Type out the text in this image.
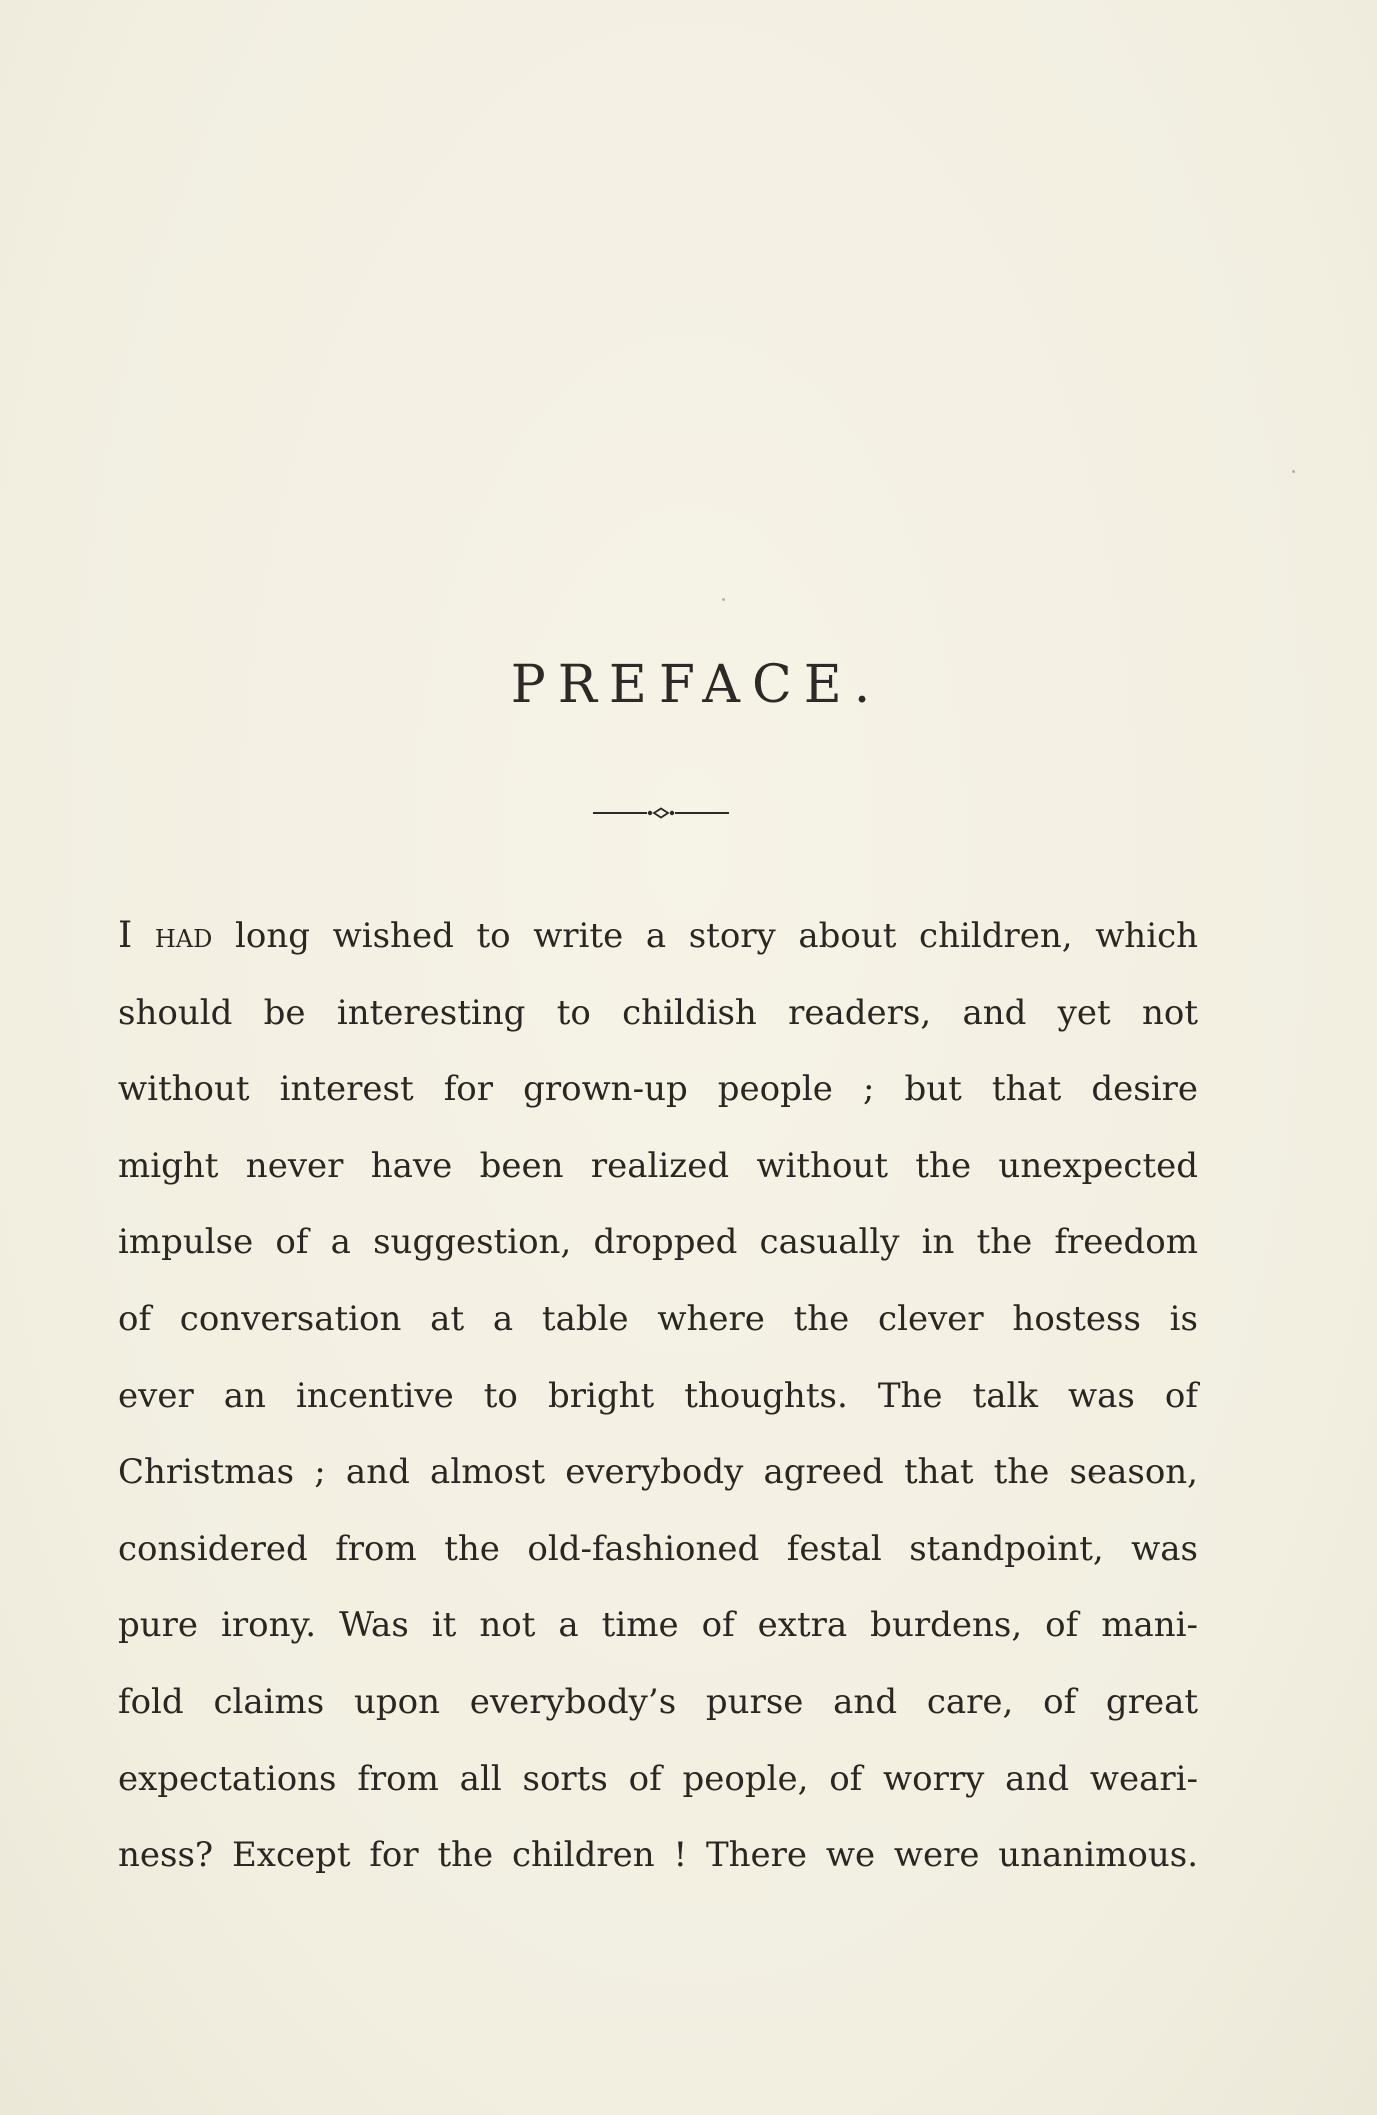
PREFACE.
I had long wished to write a story about children, which
should be interesting to childish readers, and yet not
without interest for grown-up people ; but that desire
might never have been realized without the unexpected
impulse of a suggestion, dropped casually in the freedom
of conversation at a table where the clever hostess is
ever an incentive to bright thoughts. The talk was of
Christmas ; and almost everybody agreed that the season,
considered from the old-fashioned festal standpoint, was
pure irony. Was it not a time of extra burdens, of mani-
fold claims upon everybody’s purse and care, of great
expectations from all sorts of people, of worry and weari-
ness? Except for the children ! There we were unanimous.
